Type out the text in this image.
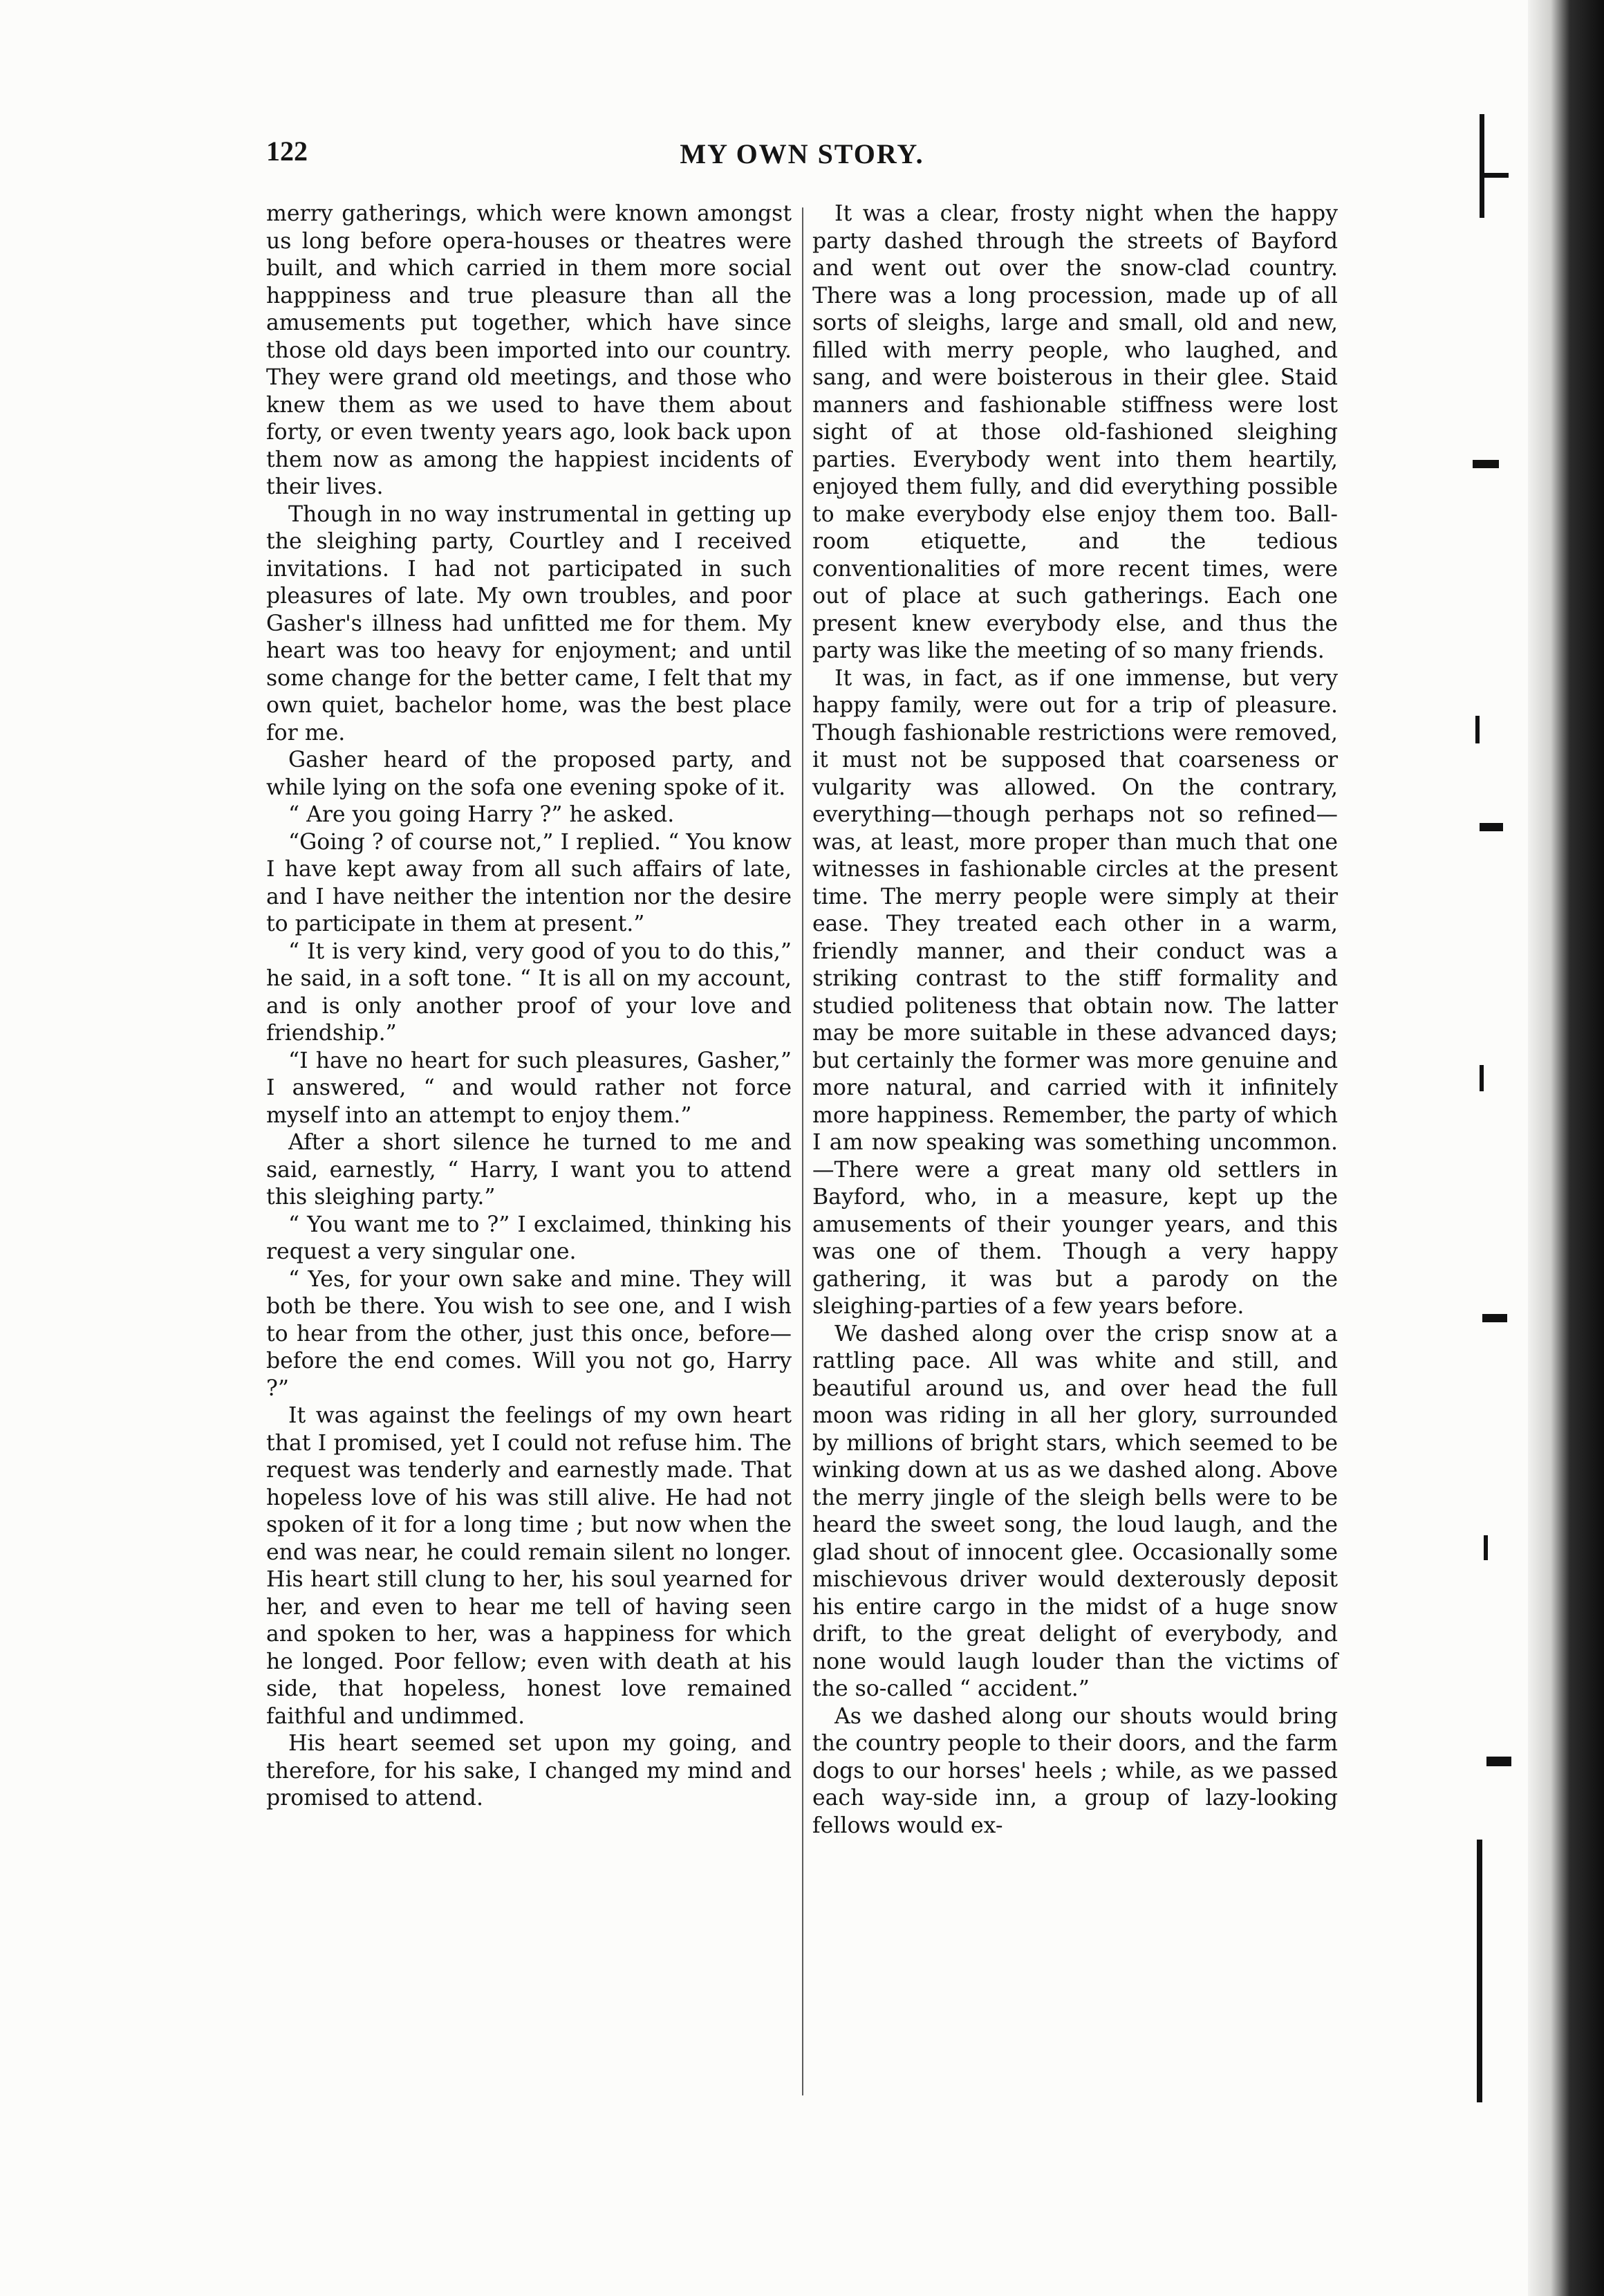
122	MY OWN STORY.

merry gatherings, which were known amongst us long before opera-houses or theatres were built, and which carried in them more social happpiness and true pleasure than all the amusements put together, which have since those old days been imported into our country. They were grand old meetings, and those who knew them as we used to have them about forty, or even twenty years ago, look back upon them now as among the happiest incidents of their lives.

Though in no way instrumental in getting up the sleighing party, Courtley and I received invitations. I had not participated in such pleasures of late. My own troubles, and poor Gasher's illness had unfitted me for them. My heart was too heavy for enjoyment; and until some change for the better came, I felt that my own quiet, bachelor home, was the best place for me.

Gasher heard of the proposed party, and while lying on the sofa one evening spoke of it.

“ Are you going Harry ?” he asked.

“Going ? of course not,” I replied. “ You know I have kept away from all such affairs of late, and I have neither the intention nor the desire to participate in them at present.”

“ It is very kind, very good of you to do this,” he said, in a soft tone. “ It is all on my account, and is only another proof of your love and friendship.”

“I have no heart for such pleasures, Gasher,” I answered, “ and would rather not force myself into an attempt to enjoy them.”

After a short silence he turned to me and said, earnestly, “ Harry, I want you to attend this sleighing party.”

“ You want me to ?” I exclaimed, thinking his request a very singular one.

“ Yes, for your own sake and mine. They will both be there. You wish to see one, and I wish to hear from the other, just this once, before—before the end comes. Will you not go, Harry ?”

It was against the feelings of my own heart that I promised, yet I could not refuse him. The request was tenderly and earnestly made. That hopeless love of his was still alive. He had not spoken of it for a long time ; but now when the end was near, he could remain silent no longer. His heart still clung to her, his soul yearned for her, and even to hear me tell of having seen and spoken to her, was a happiness for which he longed. Poor fellow; even with death at his side, that hopeless, honest love remained faithful and undimmed.

His heart seemed set upon my going, and therefore, for his sake, I changed my mind and promised to attend.

It was a clear, frosty night when the happy party dashed through the streets of Bayford and went out over the snow-clad country. There was a long procession, made up of all sorts of sleighs, large and small, old and new, filled with merry people, who laughed, and sang, and were boisterous in their glee. Staid manners and fashionable stiffness were lost sight of at those old-fashioned sleighing parties. Everybody went into them heartily, enjoyed them fully, and did everything possible to make everybody else enjoy them too. Ball-room etiquette, and the tedious conventionalities of more recent times, were out of place at such gatherings. Each one present knew everybody else, and thus the party was like the meeting of so many friends.

It was, in fact, as if one immense, but very happy family, were out for a trip of pleasure. Though fashionable restrictions were removed, it must not be supposed that coarseness or vulgarity was allowed. On the contrary, everything—though perhaps not so refined—was, at least, more proper than much that one witnesses in fashionable circles at the present time. The merry people were simply at their ease. They treated each other in a warm, friendly manner, and their conduct was a striking contrast to the stiff formality and studied politeness that obtain now. The latter may be more suitable in these advanced days; but certainly the former was more genuine and more natural, and carried with it infinitely more happiness. Remember, the party of which I am now speaking was something uncommon.—There were a great many old settlers in Bayford, who, in a measure, kept up the amusements of their younger years, and this was one of them. Though a very happy gathering, it was but a parody on the sleighing-parties of a few years before.

We dashed along over the crisp snow at a rattling pace. All was white and still, and beautiful around us, and over head the full moon was riding in all her glory, surrounded by millions of bright stars, which seemed to be winking down at us as we dashed along. Above the merry jingle of the sleigh bells were to be heard the sweet song, the loud laugh, and the glad shout of innocent glee. Occasionally some mischievous driver would dexterously deposit his entire cargo in the midst of a huge snow drift, to the great delight of everybody, and none would laugh louder than the victims of the so-called “ accident.”

As we dashed along our shouts would bring the country people to their doors, and the farm dogs to our horses' heels ; while, as we passed each way-side inn, a group of lazy-looking fellows would ex-
